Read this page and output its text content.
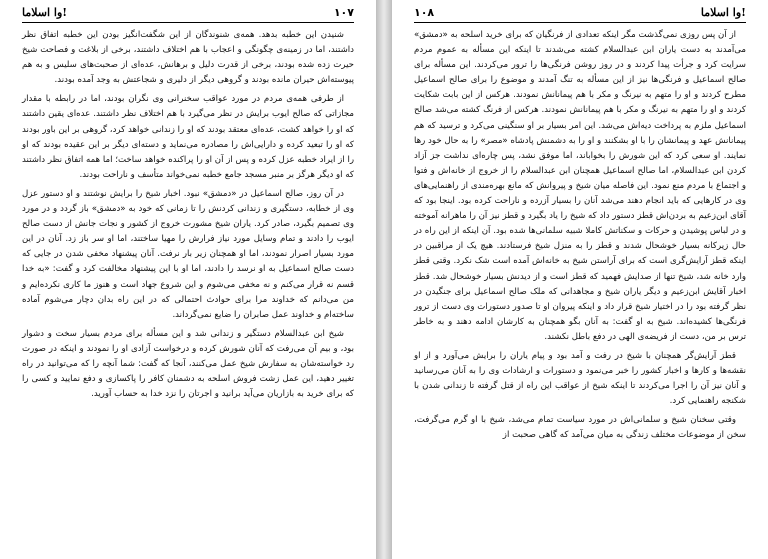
وا اسلاما!	۱۰۷

شنیدن این خطبه بدهد. همه‌ی شنوندگان از این شگفت‌انگیز بودن این خطبه اتفاق نظر داشتند، اما در زمینه‌ی چگونگی و اعجاب با هم اختلاف داشتند، برخی از بلاغت و فصاحت شیخ حیرت زده شده بودند، برخی از قدرت دلیل و برهانش، عده‌ای از صحبت‌های سلیس و به هم پیوسته‌اش حیران مانده بودند و گروهی دیگر از دلیری و شجاعتش به وجد آمده بودند.

از طرفی همه‌ی مردم در مورد عواقب سخنرانی وی نگران بودند، اما در رابطه با مقدار مجازاتی که صالح ایوب برایش در نظر می‌گیرد با هم اختلاف نظر داشتند. عده‌ای یقین داشتند که او را خواهد کشت، عده‌ای معتقد بودند که او را زندانی خواهد کرد، گروهی بر این باور بودند که او را تبعید کرده و دارایی‌اش را مصادره می‌نماید و دسته‌ای دیگر بر این عقیده بودند که او را از ایراد خطبه عزل کرده و پس از آن او را پراکنده خواهد ساخت؛ اما همه اتفاق نظر داشتند که او دیگر هرگز بر منبر مسجد جامع خطبه نمی‌خواند متأسف و ناراحت بودند.

در آن روز، صالح اسماعیل در «دمشق» نبود. اخبار شیخ را برایش نوشتند و او دستور عزل وی از خطابه، دستگیری و زندانی کردنش را تا زمانی که خود به «دمشق» باز گردد و در مورد وی تصمیم بگیرد، صادر کرد. یاران شیخ مشورت خروج از کشور و نجات جانش از دست صالح ایوب را دادند و تمام وسایل مورد نیاز فرارش را مهیا ساختند، اما او سر باز زد. آنان در این مورد بسیار اصرار نمودند، اما او همچنان زیر بار نرفت. آنان پیشنهاد مخفی شدن در جایی که دست صالح اسماعیل به او نرسد را دادند، اما او با این پیشنهاد مخالفت کرد و گفت: «به خدا قسم نه قرار می‌کنم و نه مخفی می‌شوم و این شروع جهاد است و هنوز ما کاری نکرده‌ایم و من می‌دانم که خداوند مرا برای حوادث احتمالی که در این راه بدان دچار می‌شوم آماده ساخته‌ام و خداوند عمل صابران را ضایع نمی‌گرداند.

شیخ ابن عبدالسلام دستگیر و زندانی شد و این مسأله برای مردم بسیار سخت و دشوار بود، و بیم آن می‌رفت که آنان شورش کرده و درخواست آزادی او را نمودند و اینکه در صورت رد خواسته‌شان به سفارش شیخ عمل می‌کنند، آنجا که گفت: شما آنچه را که می‌توانید در راه تغییر دهید، این عمل زشت فروش اسلحه به دشمنان کافر را پاکسازی و دفع نمایید و کسی را که برای خرید به بازاریان می‌آید برانید و اجرتان را نزد خدا به حساب آورید.

وا اسلاما!
۱۰۸

از آن پس روزی نمی‌گذشت مگر اینکه تعدادی از فرنگیان که برای خرید اسلحه به «دمشق» می‌آمدند به دست یاران ابن عبدالسلام کشته می‌شدند تا اینکه این مسأله به عموم مردم سرایت کرد و جرأت پیدا کردند و در روز روشن فرنگی‌ها را ترور می‌کردند. این مسأله برای صالح اسماعیل و فرنگی‌ها نیز از این مسأله به تنگ آمدند و موضوع را برای صالح اسماعیل مطرح کردند و او را متهم به نیرنگ و مکر با هم پیمانانش نمودند. هرکس از این بابت شکایت کردند و او را متهم به نیرنگ و مکر با هم پیمانانش نمودند. هرکس از فرنگ کشته می‌شد صالح اسماعیل ملزم به پرداخت دیه‌اش می‌شد. این امر بسیار بر او سنگینی می‌کرد و ترسید که هم پیمانانش عهد و پیمانشان را با او بشکنند و او را به دشمنش پادشاه «مصر» را به حال خود رها نمایند. او سعی کرد که این شورش را بخواباند، اما موفق نشد، پس چاره‌ای نداشت جز آزاد کردن ابن عبدالسلام، اما صالح اسماعیل همچنان ابن عبدالسلام را از خروج از خانه‌اش و فتوا و اجتماع با مردم منع نمود. این فاصله میان شیخ و پیروانش که مانع بهره‌مندی از راهنمایی‌های وی در کارهایی که باید انجام دهند می‌شد آنان را بسیار آزرده و ناراحت کرده بود. اینجا بود که آقای ابن‌زعیم به بردن‌اش قطز دستور داد که شیخ را یاد بگیرد و قطز نیز آن را ماهرانه آموخته و در لباس پوشیدن و حرکات و سکناتش کاملا شبیه سلمانی‌ها شده بود. آن اینکه از این راه در حال زیرکانه بسیار خوشحال شدند و قطز را به منزل شیخ فرستادند. هیچ یک از مراقبین در اینکه قطز آرایش‌گری است که برای آراستن شیخ به خانه‌اش آمده است شک نکرد. وقتی قطز وارد خانه شد، شیخ تنها از صدایش فهمید که قطز است و از دیدنش بسیار خوشحال شد. قطز اخبار آقایش ابن‌زعیم و دیگر یاران شیخ و مجاهدانی که ملک صالح اسماعیل برای جنگیدن در نظر گرفته بود را در اختیار شیخ قرار داد و اینکه پیروان او تا صدور دستورات وی دست از ترور فرنگی‌ها کشیده‌اند. شیخ به او گفت: به آنان بگو همچنان به کارشان ادامه دهند و به خاطر ترس بر من، دست از فریضه‌ی الهی در دفع باطل نکشند.

قطز آرایش‌گر همچنان با شیخ در رفت و آمد بود و پیام یاران را برایش می‌آورد و از او نقشه‌ها و کارها و اخبار کشور را خبر می‌نمود و دستورات و ارشادات وی را به آنان می‌رسانید و آنان نیز آن را اجرا می‌کردند تا اینکه شیخ از عواقب این راه از قتل گرفته تا زندانی شدن با شکنجه راهنمایی کرد.

وقتی سخنان شیخ و سلمانی‌اش در مورد سیاست تمام می‌شد، شیخ با او گرم می‌گرفت، سخن از موضوعات مختلف زندگی به میان می‌آمد که گاهی صحبت از
